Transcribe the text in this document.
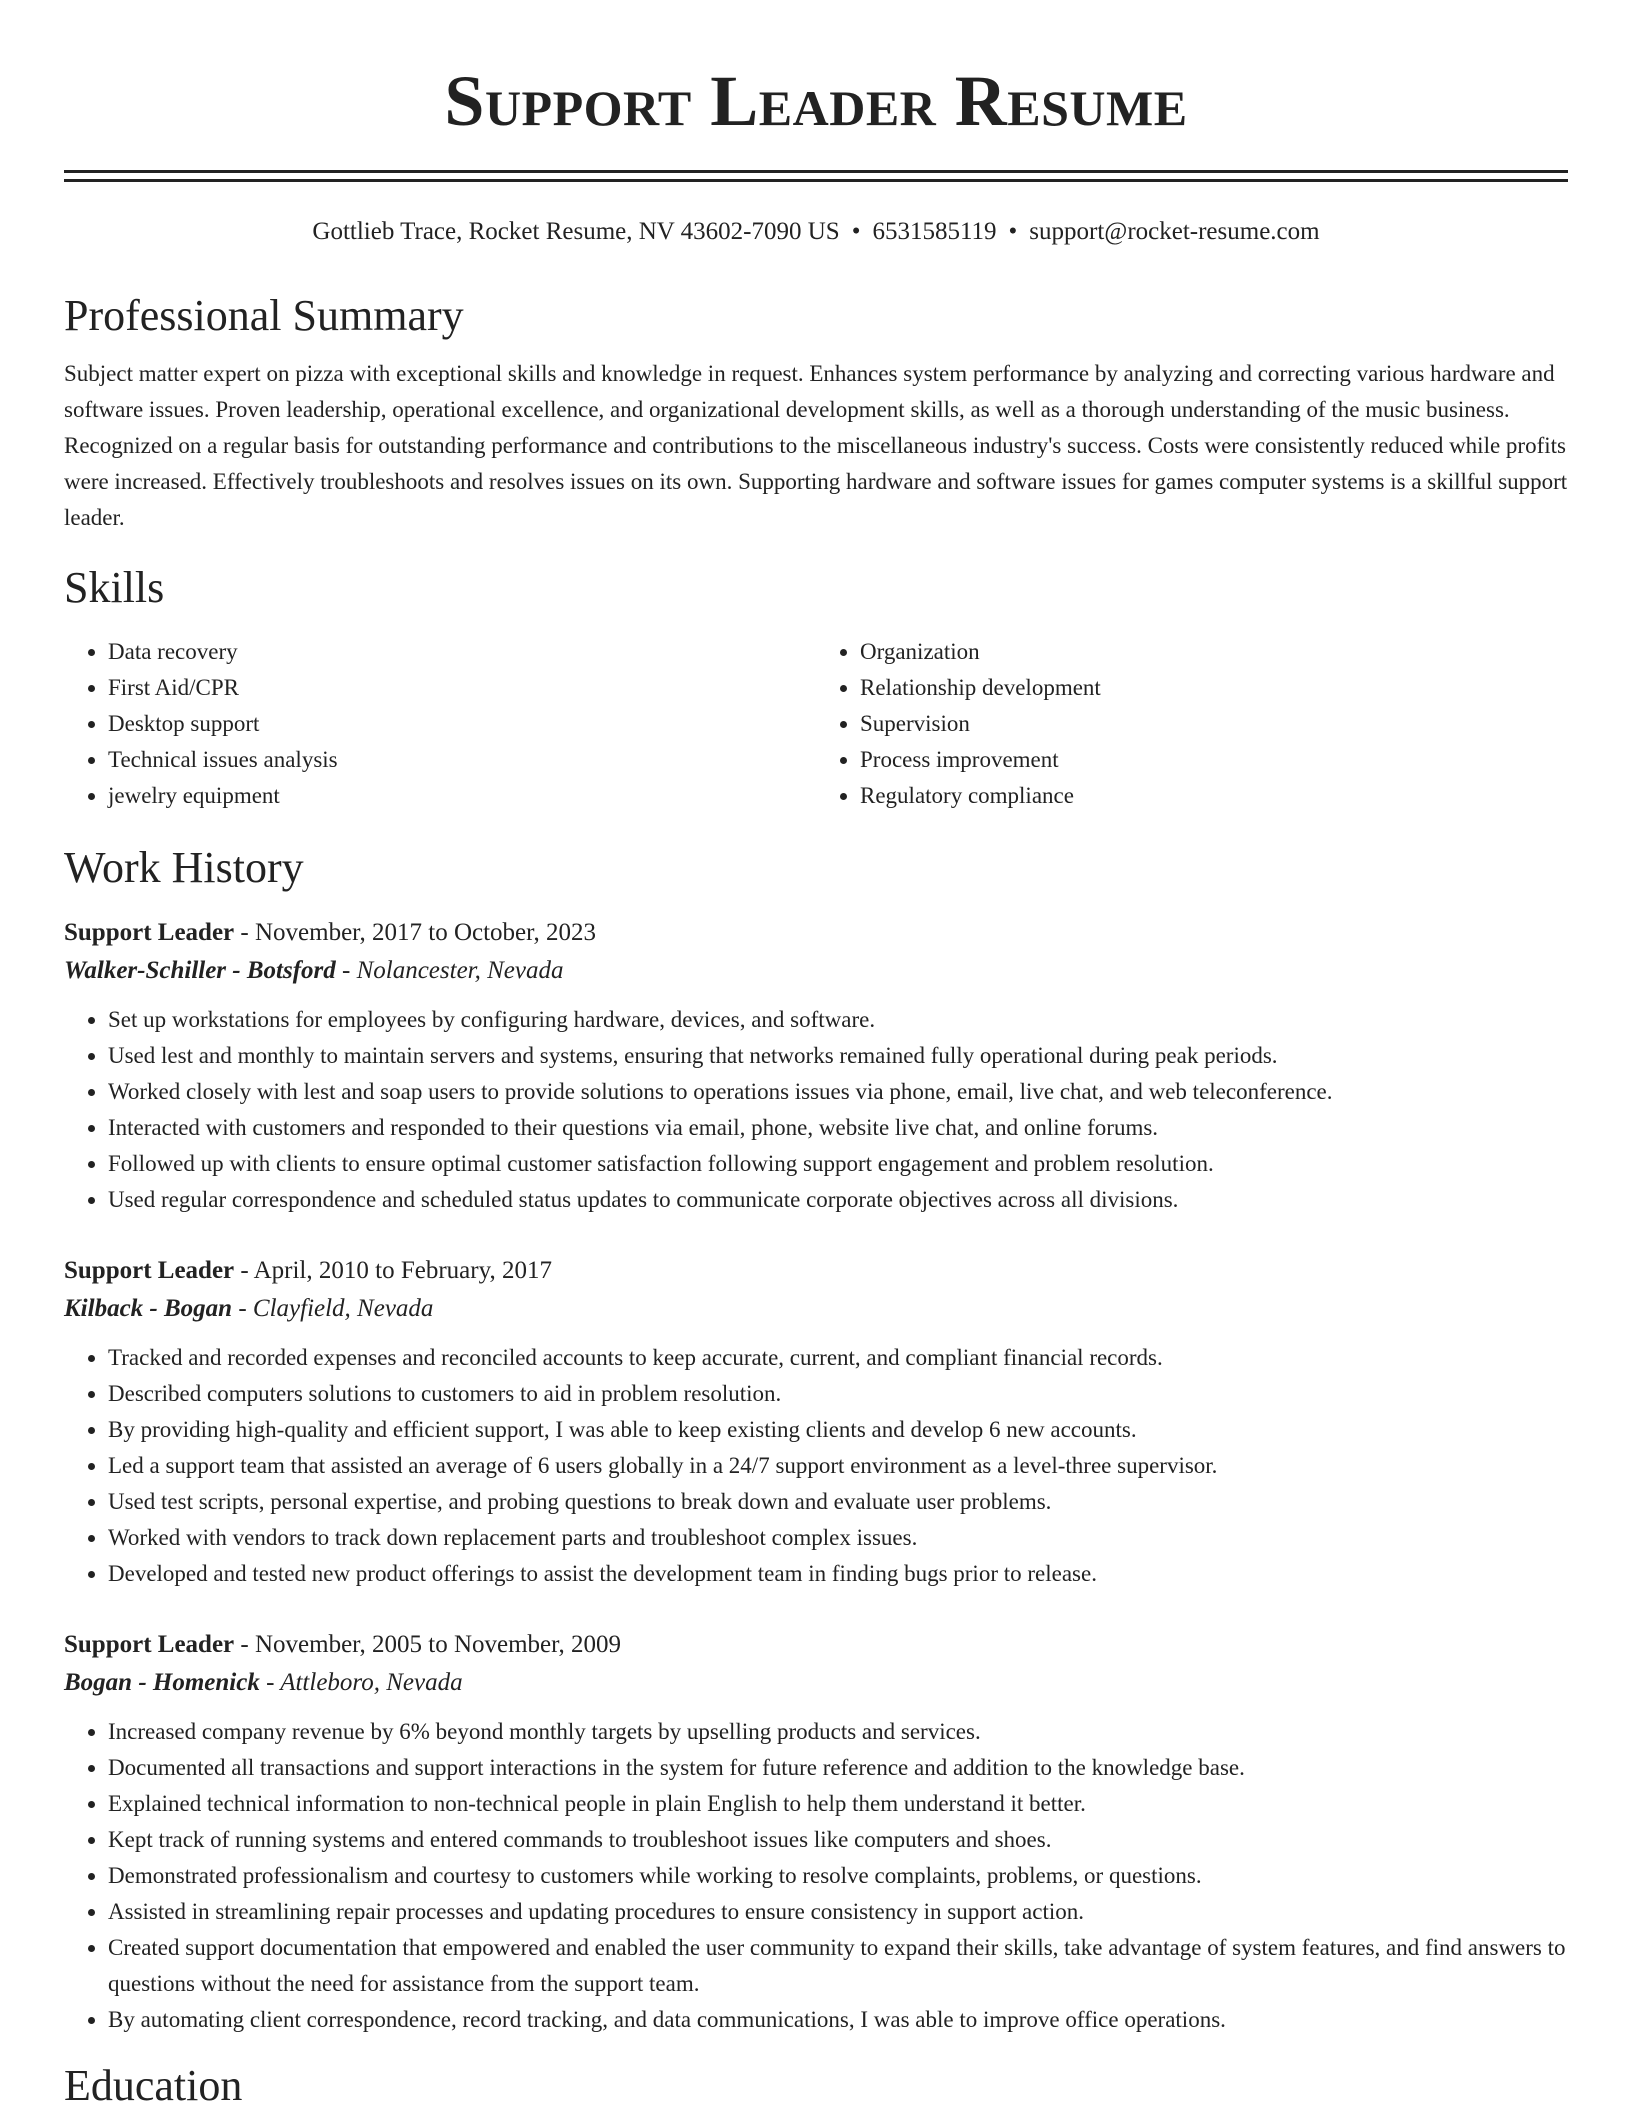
Support Leader Resume
Gottlieb Trace, Rocket Resume, NV 43602-7090 US • 6531585119 • support@rocket-resume.com
Professional Summary

Subject matter expert on pizza with exceptional skills and knowledge in request. Enhances system performance by analyzing and correcting various hardware and software issues. Proven leadership, operational excellence, and organizational development skills, as well as a thorough understanding of the music business. Recognized on a regular basis for outstanding performance and contributions to the miscellaneous industry's success. Costs were consistently reduced while profits were increased. Effectively troubleshoots and resolves issues on its own. Supporting hardware and software issues for games computer systems is a skillful support leader.

Skills
• Data recovery
• First Aid/CPR
• Desktop support
• Technical issues analysis
• jewelry equipment
• Organization
• Relationship development
• Supervision
• Process improvement
• Regulatory compliance
Work History

Support Leader - November, 2017 to October, 2023

Walker-Schiller - Botsford - Nolancester, Nevada

• Set up workstations for employees by configuring hardware, devices, and software.
• Used lest and monthly to maintain servers and systems, ensuring that networks remained fully operational during peak periods.
• Worked closely with lest and soap users to provide solutions to operations issues via phone, email, live chat, and web teleconference.
• Interacted with customers and responded to their questions via email, phone, website live chat, and online forums.
• Followed up with clients to ensure optimal customer satisfaction following support engagement and problem resolution.
• Used regular correspondence and scheduled status updates to communicate corporate objectives across all divisions.

Support Leader - April, 2010 to February, 2017

Kilback - Bogan - Clayfield, Nevada

• Tracked and recorded expenses and reconciled accounts to keep accurate, current, and compliant financial records.
• Described computers solutions to customers to aid in problem resolution.
• By providing high-quality and efficient support, I was able to keep existing clients and develop 6 new accounts.
• Led a support team that assisted an average of 6 users globally in a 24/7 support environment as a level-three supervisor.
• Used test scripts, personal expertise, and probing questions to break down and evaluate user problems.
• Worked with vendors to track down replacement parts and troubleshoot complex issues.
• Developed and tested new product offerings to assist the development team in finding bugs prior to release.

Support Leader - November, 2005 to November, 2009

Bogan - Homenick - Attleboro, Nevada

• Increased company revenue by 6% beyond monthly targets by upselling products and services.
• Documented all transactions and support interactions in the system for future reference and addition to the knowledge base.
• Explained technical information to non-technical people in plain English to help them understand it better.
• Kept track of running systems and entered commands to troubleshoot issues like computers and shoes.
• Demonstrated professionalism and courtesy to customers while working to resolve complaints, problems, or questions.
• Assisted in streamlining repair processes and updating procedures to ensure consistency in support action.
• Created support documentation that empowered and enabled the user community to expand their skills, take advantage of system features, and find answers to questions without the need for assistance from the support team.
• By automating client correspondence, record tracking, and data communications, I was able to improve office operations.
Education
